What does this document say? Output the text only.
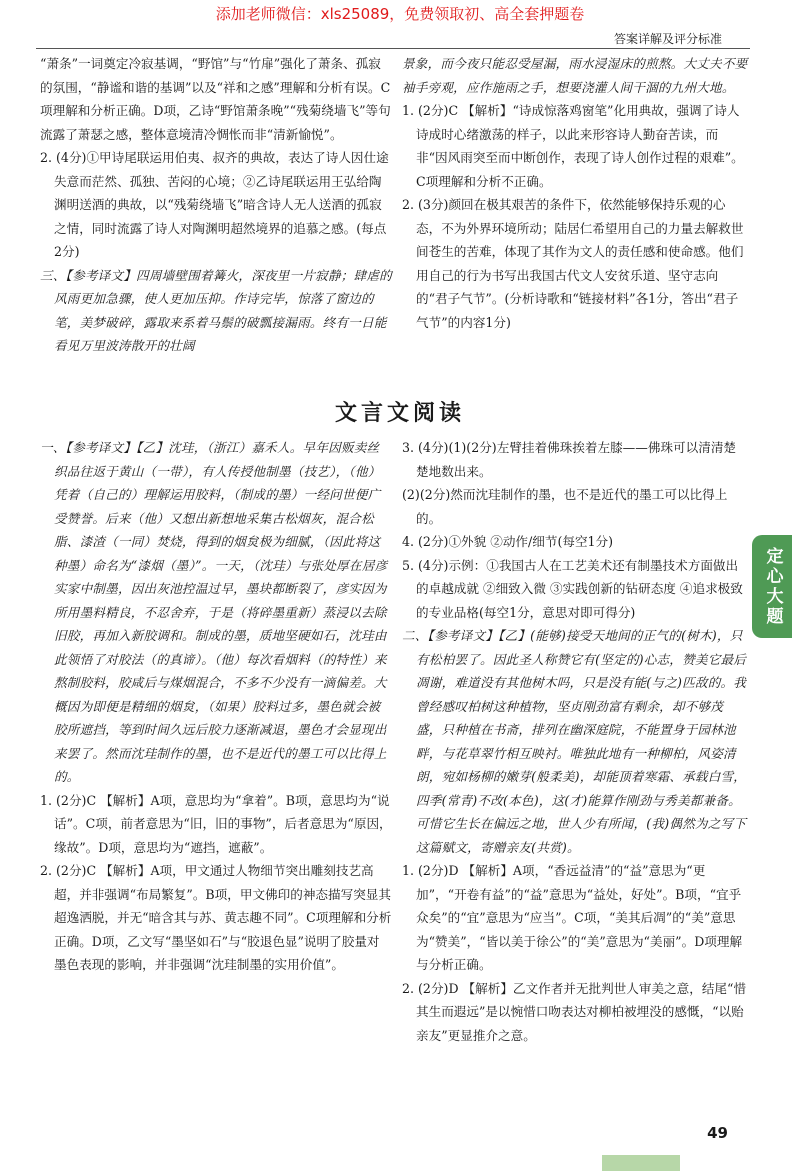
添加老师微信：xls25089，免费领取初、高全套押题卷
答案详解及评分标准

“萧条”一词奠定冷寂基调，“野馆”与“竹扉”强化了萧条、孤寂的氛围，“静谧和谐的基调”以及“祥和之感”理解和分析有误。C项理解和分析正确。D项，乙诗“野馆萧条晚”“残菊绕墙飞”等句流露了萧瑟之感，整体意境清冷惆怅而非“清新愉悦”。

2. (4分)①甲诗尾联运用伯夷、叔齐的典故，表达了诗人因仕途失意而茫然、孤独、苦闷的心境；②乙诗尾联运用王弘给陶渊明送酒的典故，以“残菊绕墙飞”暗含诗人无人送酒的孤寂之情，同时流露了诗人对陶渊明超然境界的追慕之感。(每点2分)

三、【参考译文】四周墙壁围着篝火，深夜里一片寂静；肆虐的风雨更加急骤，使人更加压抑。作诗完毕，惊落了窗边的笔，美梦破碎，露取来系着马鬃的破瓢接漏雨。终有一日能看见万里波涛散开的壮阔

景象，而今夜只能忍受屋漏，雨水浸湿床的煎熬。大丈夫不要袖手旁观，应作施雨之手，想要浇灌人间干涸的九州大地。

1. (2分)C 【解析】“诗成惊落鸡窗笔”化用典故，强调了诗人诗成时心绪激荡的样子，以此来形容诗人勤奋苦读，而非“因风雨突至而中断创作，表现了诗人创作过程的艰难”。C项理解和分析不正确。

2. (3分)颜回在极其艰苦的条件下，依然能够保持乐观的心态，不为外界环境所动；陆居仁希望用自己的力量去解救世间苍生的苦难，体现了其作为文人的责任感和使命感。他们用自己的行为书写出我国古代文人安贫乐道、坚守志向的“君子气节”。(分析诗歌和“链接材料”各1分，答出“君子气节”的内容1分)

文言文阅读

一、【参考译文】【乙】沈珪，（浙江）嘉禾人。早年因贩卖丝织品往返于黄山（一带），有人传授他制墨（技艺），（他）凭着（自己的）理解运用胶料，（制成的墨）一经问世便广受赞誉。后来（他）又想出新想地采集古松烟灰，混合松脂、漆渣（一同）焚烧，得到的烟炱极为细腻，（因此将这种墨）命名为“漆烟（墨）”。一天，（沈珪）与张处厚在居彦实家中制墨，因出灰池控温过早，墨块都断裂了，彦实因为所用墨料精良，不忍舍弃，于是（将碎墨重新）蒸浸以去除旧胶，再加入新胶调和。制成的墨，质地坚硬如石，沈珪由此领悟了对胶法（的真谛）。（他）每次看烟料（的特性）来熬制胶料，胶咸后与煤烟混合，不多不少没有一滴偏差。大概因为即便是精细的烟炱，（如果）胶料过多，墨色就会被胶所遮挡，等到时间久远后胶力逐渐减退，墨色才会显现出来罢了。然而沈珪制作的墨，也不是近代的墨工可以比得上的。

1. (2分)C 【解析】A项，意思均为“拿着”。B项，意思均为“说话”。C项，前者意思为“旧，旧的事物”，后者意思为“原因，缘故”。D项，意思均为“遮挡，遮蔽”。

2. (2分)C 【解析】A项，甲文通过人物细节突出雕刻技艺高超，并非强调“布局繁复”。B项，甲文佛印的神态描写突显其超逸洒脱，并无“暗含其与苏、黄志趣不同”。C项理解和分析正确。D项，乙文写“墨坚如石”与“胶退色显”说明了胶量对墨色表现的影响，并非强调“沈珪制墨的实用价值”。

3. (4分)(1)(2分)左臂挂着佛珠挨着左膝——佛珠可以清清楚楚地数出来。

(2)(2分)然而沈珪制作的墨，也不是近代的墨工可以比得上的。

4. (2分)①外貌 ②动作/细节(每空1分)

5. (4分)示例：①我国古人在工艺美术还有制墨技术方面做出的卓越成就 ②细致入微 ③实践创新的钻研态度 ④追求极致的专业品格(每空1分，意思对即可得分)

二、【参考译文】【乙】(能够)接受天地间的正气的(树木)，只有松柏罢了。因此圣人称赞它有(坚定的)心志，赞美它最后凋谢，难道没有其他树木吗，只是没有能(与之)匹敌的。我曾经感叹柏树这种植物，坚贞刚劲富有剩余，却不够茂盛，只种植在书斋，排列在幽深庭院，不能置身于园林池畔，与花草翠竹相互映衬。唯独此地有一种柳柏，风姿清朗，宛如杨柳的嫩芽(般柔美)，却能顶着寒霜、承载白雪，四季(常青)不改(本色)，这(才)能算作刚劲与秀美都兼备。可惜它生长在偏远之地，世人少有所闻，(我)偶然为之写下这篇赋文，寄赠亲友(共赏)。

1. (2分)D 【解析】A项，“香远益清”的“益”意思为“更加”，“开卷有益”的“益”意思为“益处，好处”。B项，“宜乎众矣”的“宜”意思为“应当”。C项，“美其后凋”的“美”意思为“赞美”，“皆以美于徐公”的“美”意思为“美丽”。D项理解与分析正确。

2. (2分)D 【解析】乙文作者并无批判世人审美之意，结尾“惜其生而遐远”是以惋惜口吻表达对柳柏被埋没的感慨，“以贻亲友”更显推介之意。

定心大题
49
